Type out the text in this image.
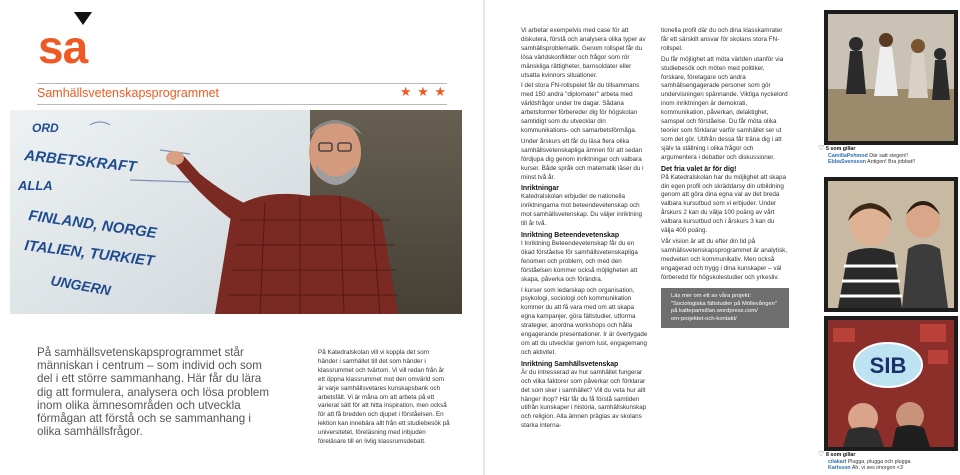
sa
Samhällsvetenskapsprogrammet	★ ★ ★
ORD
ARBETSKRAFT
ALLA
FINLAND, NORGE
ITALIEN, TURKIET
UNGERN

På samhällsvetenskapsprogrammet står människan i centrum – som individ och som del i ett större sammanhang. Här får du lära dig att formulera, analysera och lösa problem inom olika ämnesområden och utveckla förmågan att förstå och se sammanhang i olika samhällsfrågor.

På Katedralskolan vill vi koppla det som händer i samhället till det som händer i klassrummet och tvärtom. Vi vill redan från år ett öppna klassrummet mot den omvärld som är varje samhällsvetares kunskapsbank och arbetsfält. Vi är måna om att arbeta på ett varierat sätt för att hitta inspiration, men också för att få bredden och djupet i förståelsen. En lektion kan innebära allt från ett studiebesök på universitetet, föreläsning med inbjuden föreläsare till en livlig klassrumsdebatt.

Vi arbetar exempelvis med case för att diskutera, förstå och analysera olika typer av samhällsproblematik. Genom rollspel får du lösa världskonflikter och frågor som rör mänskliga rättigheter, barnsoldater eller utsatta kvinnors situationer.

I det stora FN-rollspelet får du tillsammans med 150 andra "diplomater" arbeta med världsfrågor under tre dagar. Sådana arbetsformer förbereder dig för högskolan samtidigt som du utvecklar din kommunikations- och samarbetsförmåga.

Under årskurs ett får du läsa flera olika samhällsvetenskapliga ämnen för att sedan fördjupa dig genom inriktningar och valbara kurser. Både språk och matematik läser du i minst två år.

Inriktningar

Katedralskolan erbjuder de nationella inriktningarna mot beteendevetenskap och mot samhällsvetenskap. Du väljer inriktning till år två.

Inriktning Beteendevetenskap

I Inriktning Beteendevetenskap får du en ökad förståelse för samhällsvetenskapliga fenomen och problem, och med den förståelsen kommer också möjligheten att skapa, påverka och förändra.

I kurser som ledarskap och organisation, psykologi, sociologi och kommunikation kommer du att få vara med om att skapa egna kampanjer, göra fältstudier, utforma strategier, anordna workshops och hålla engagerande presentationer. Ir är övertygade om att du utvecklar genom lust, engagemang och aktivitet.

Inriktning Samhällsvetenskap

Är du intresserad av hur samhället fungerar och vilka faktorer som påverkar och förklarar det som sker i samhället? Vill du veta hur allt hänger ihop? Här får du få förstå samtiden utifrån kunskaper i historia, samhällskunskap och religion. Alla ämnen präglas av skolans starka interna-

tionella profil där du och dina klasskamrater får ett särskilt ansvar för skolans stora FN-rollspel.

Du får möjlighet att möta världen utanför via studiebesök och möten med politiker, forskare, företagare och andra samhällsengagerade personer som gör undervisningen spännande. Viktiga nyckelord inom inriktningen är demokrati, kommunikation, påverkan, delaktighet, samspel och förståelse. Du får möta olika teorier som förklarar varför samhället ser ut som det gör. Utifrån dessa får träna dig i att själv ta ställning i olika frågor och argumentera i debatter och diskussioner.

Det fria valet är för dig!

På Katedralskolan har du möjlighet att skapa din egen profil och skräddarsy din utbildning genom att göra dina egna val av det breda valbara kursutbud som vi erbjuder. Under årskurs 2 kan du välja 100 poäng av vårt valbara kursutbud och i årskurs 3 kan du välja 400 poäng.

Vår vision är att du efter din tid på samhällsvetenskapsprogrammet är analytisk, medveten och kommunikativ. Men också engagerad och trygg i dina kunskaper – väl förberedd för högskolestudier och yrkesliv.

Läs mer om ett av våra projekt:
"Sociologiska fältstudier på Möllevången"
på kattepamollan.wordpress.com/
om-projektet-och-kontakt/
SIB
♡ 5 som gillar
CamillaPehmod Där satt stegen!!
EbbaSvensson Antigen! Bra jobbat!!
♡ 8 som gillar
cilakarl Plugga, plugga och plugga
Karlsson Ah, vi ses imorgon <3
